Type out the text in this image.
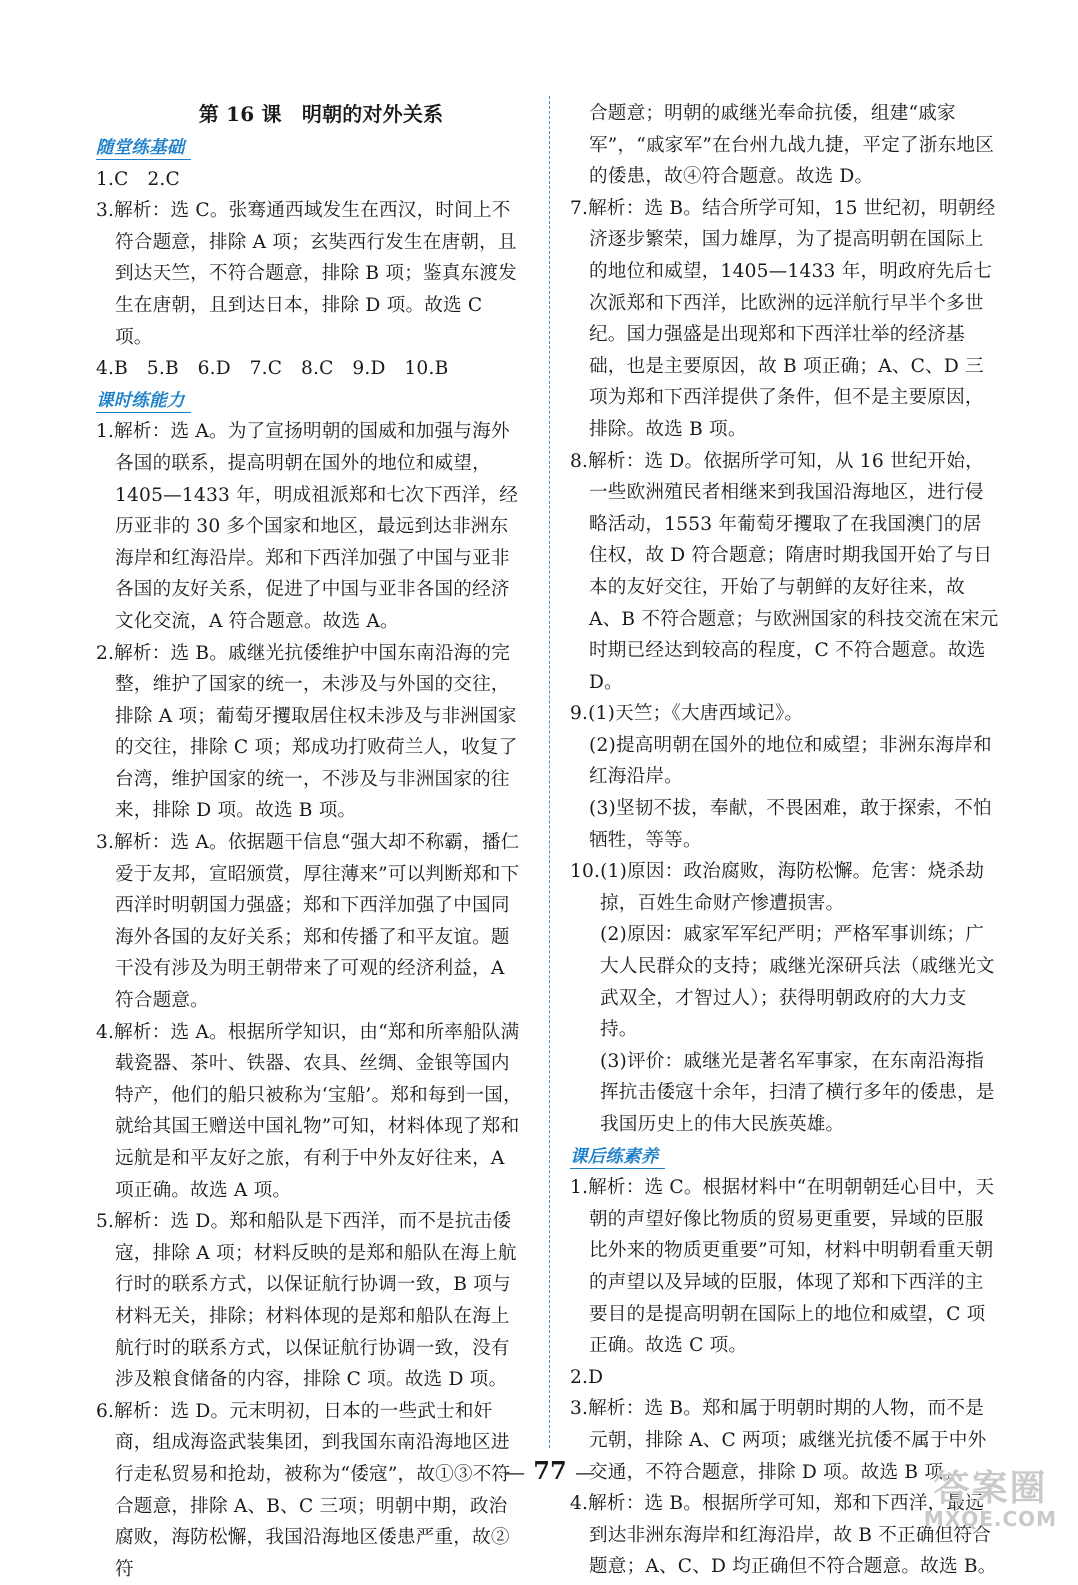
第 16 课　明朝的对外关系
随堂练基础

1.C　2.C

3.解析：选 C。张骞通西域发生在西汉，时间上不符合题意，排除 A 项；玄奘西行发生在唐朝，且到达天竺，不符合题意，排除 B 项；鉴真东渡发生在唐朝，且到达日本，排除 D 项。故选 C 项。

4.B　5.B　6.D　7.C　8.C　9.D　10.B

课时练能力

1.解析：选 A。为了宣扬明朝的国威和加强与海外各国的联系，提高明朝在国外的地位和威望，1405—1433 年，明成祖派郑和七次下西洋，经历亚非的 30 多个国家和地区，最远到达非洲东海岸和红海沿岸。郑和下西洋加强了中国与亚非各国的友好关系，促进了中国与亚非各国的经济文化交流，A 符合题意。故选 A。

2.解析：选 B。戚继光抗倭维护中国东南沿海的完整，维护了国家的统一，未涉及与外国的交往，排除 A 项；葡萄牙攫取居住权未涉及与非洲国家的交往，排除 C 项；郑成功打败荷兰人，收复了台湾，维护国家的统一，不涉及与非洲国家的往来，排除 D 项。故选 B 项。

3.解析：选 A。依据题干信息“强大却不称霸，播仁爱于友邦，宣昭颁赏，厚往薄来”可以判断郑和下西洋时明朝国力强盛；郑和下西洋加强了中国同海外各国的友好关系；郑和传播了和平友谊。题干没有涉及为明王朝带来了可观的经济利益，A 符合题意。

4.解析：选 A。根据所学知识，由“郑和所率船队满载瓷器、茶叶、铁器、农具、丝绸、金银等国内特产，他们的船只被称为‘宝船’。郑和每到一国，就给其国王赠送中国礼物”可知，材料体现了郑和远航是和平友好之旅，有利于中外友好往来，A 项正确。故选 A 项。

5.解析：选 D。郑和船队是下西洋，而不是抗击倭寇，排除 A 项；材料反映的是郑和船队在海上航行时的联系方式，以保证航行协调一致，B 项与材料无关，排除；材料体现的是郑和船队在海上航行时的联系方式，以保证航行协调一致，没有涉及粮食储备的内容，排除 C 项。故选 D 项。

6.解析：选 D。元末明初，日本的一些武士和奸商，组成海盗武装集团，到我国东南沿海地区进行走私贸易和抢劫，被称为“倭寇”，故①③不符合题意，排除 A、B、C 三项；明朝中期，政治腐败，海防松懈，我国沿海地区倭患严重，故②符

合题意；明朝的戚继光奉命抗倭，组建“戚家军”，“戚家军”在台州九战九捷，平定了浙东地区的倭患，故④符合题意。故选 D。

7.解析：选 B。结合所学可知，15 世纪初，明朝经济逐步繁荣，国力雄厚，为了提高明朝在国际上的地位和威望，1405—1433 年，明政府先后七次派郑和下西洋，比欧洲的远洋航行早半个多世纪。国力强盛是出现郑和下西洋壮举的经济基础，也是主要原因，故 B 项正确；A、C、D 三项为郑和下西洋提供了条件，但不是主要原因，排除。故选 B 项。

8.解析：选 D。依据所学可知，从 16 世纪开始，一些欧洲殖民者相继来到我国沿海地区，进行侵略活动，1553 年葡萄牙攫取了在我国澳门的居住权，故 D 符合题意；隋唐时期我国开始了与日本的友好交往，开始了与朝鲜的友好往来，故 A、B 不符合题意；与欧洲国家的科技交流在宋元时期已经达到较高的程度，C 不符合题意。故选 D。

9.(1)天竺；《大唐西域记》。

(2)提高明朝在国外的地位和威望；非洲东海岸和红海沿岸。

(3)坚韧不拔，奉献，不畏困难，敢于探索，不怕牺牲，等等。

10.(1)原因：政治腐败，海防松懈。危害：烧杀劫掠，百姓生命财产惨遭损害。

(2)原因：戚家军军纪严明；严格军事训练；广大人民群众的支持；戚继光深研兵法（戚继光文武双全，才智过人）；获得明朝政府的大力支持。

(3)评价：戚继光是著名军事家，在东南沿海指挥抗击倭寇十余年，扫清了横行多年的倭患，是我国历史上的伟大民族英雄。

课后练素养

1.解析：选 C。根据材料中“在明朝朝廷心目中，天朝的声望好像比物质的贸易更重要，异域的臣服比外来的物质更重要”可知，材料中明朝看重天朝的声望以及异域的臣服，体现了郑和下西洋的主要目的是提高明朝在国际上的地位和威望，C 项正确。故选 C 项。

2.D

3.解析：选 B。郑和属于明朝时期的人物，而不是元朝，排除 A、C 两项；戚继光抗倭不属于中外交通，不符合题意，排除 D 项。故选 B 项。

4.解析：选 B。根据所学可知，郑和下西洋，最远到达非洲东海岸和红海沿岸，故 B 不正确但符合题意；A、C、D 均正确但不符合题意。故选 B。

— 77 —	答案圈
MXQE.COM
